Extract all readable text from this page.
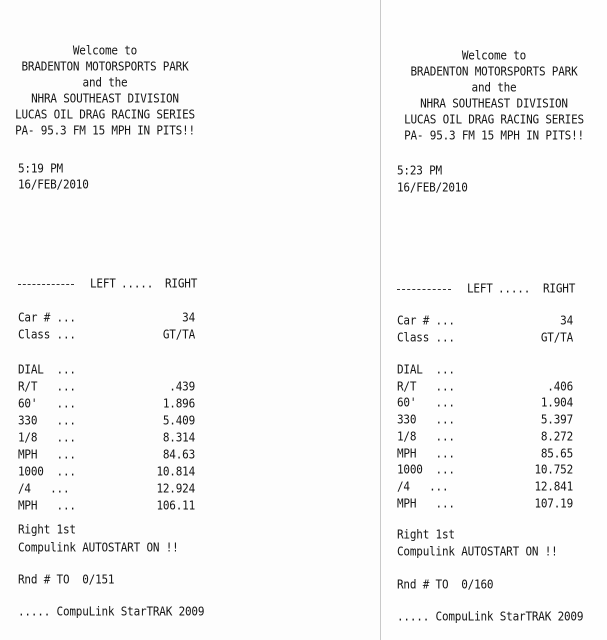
Welcome to
BRADENTON MOTORSPORTS PARK
and the
NHRA SOUTHEAST DIVISION
LUCAS OIL DRAG RACING SERIES
PA- 95.3 FM 15 MPH IN PITS!!
5:19 PM
16/FEB/2010
LEFT ..... RIGHT
Car # ...	34
Class ...	GT/TA
DIAL  ...
R/T   ...	.439
60'   ...	1.896
330   ...	5.409
1/8   ...	8.314
MPH   ...	84.63
1000  ...	10.814
/4   ...	12.924
MPH   ...	106.11
Right 1st
Compulink AUTOSTART ON !!
Rnd # TO  0/151
..... CompuLink StarTRAK 2009
Welcome to
BRADENTON MOTORSPORTS PARK
and the
NHRA SOUTHEAST DIVISION
LUCAS OIL DRAG RACING SERIES
PA- 95.3 FM 15 MPH IN PITS!!
5:23 PM
16/FEB/2010
LEFT ..... RIGHT
Car # ...	34
Class ...	GT/TA
DIAL  ...
R/T   ...	.406
60'   ...	1.904
330   ...	5.397
1/8   ...	8.272
MPH   ...	85.65
1000  ...	10.752
/4   ...	12.841
MPH   ...	107.19
Right 1st
Compulink AUTOSTART ON !!
Rnd # TO  0/160
..... CompuLink StarTRAK 2009
